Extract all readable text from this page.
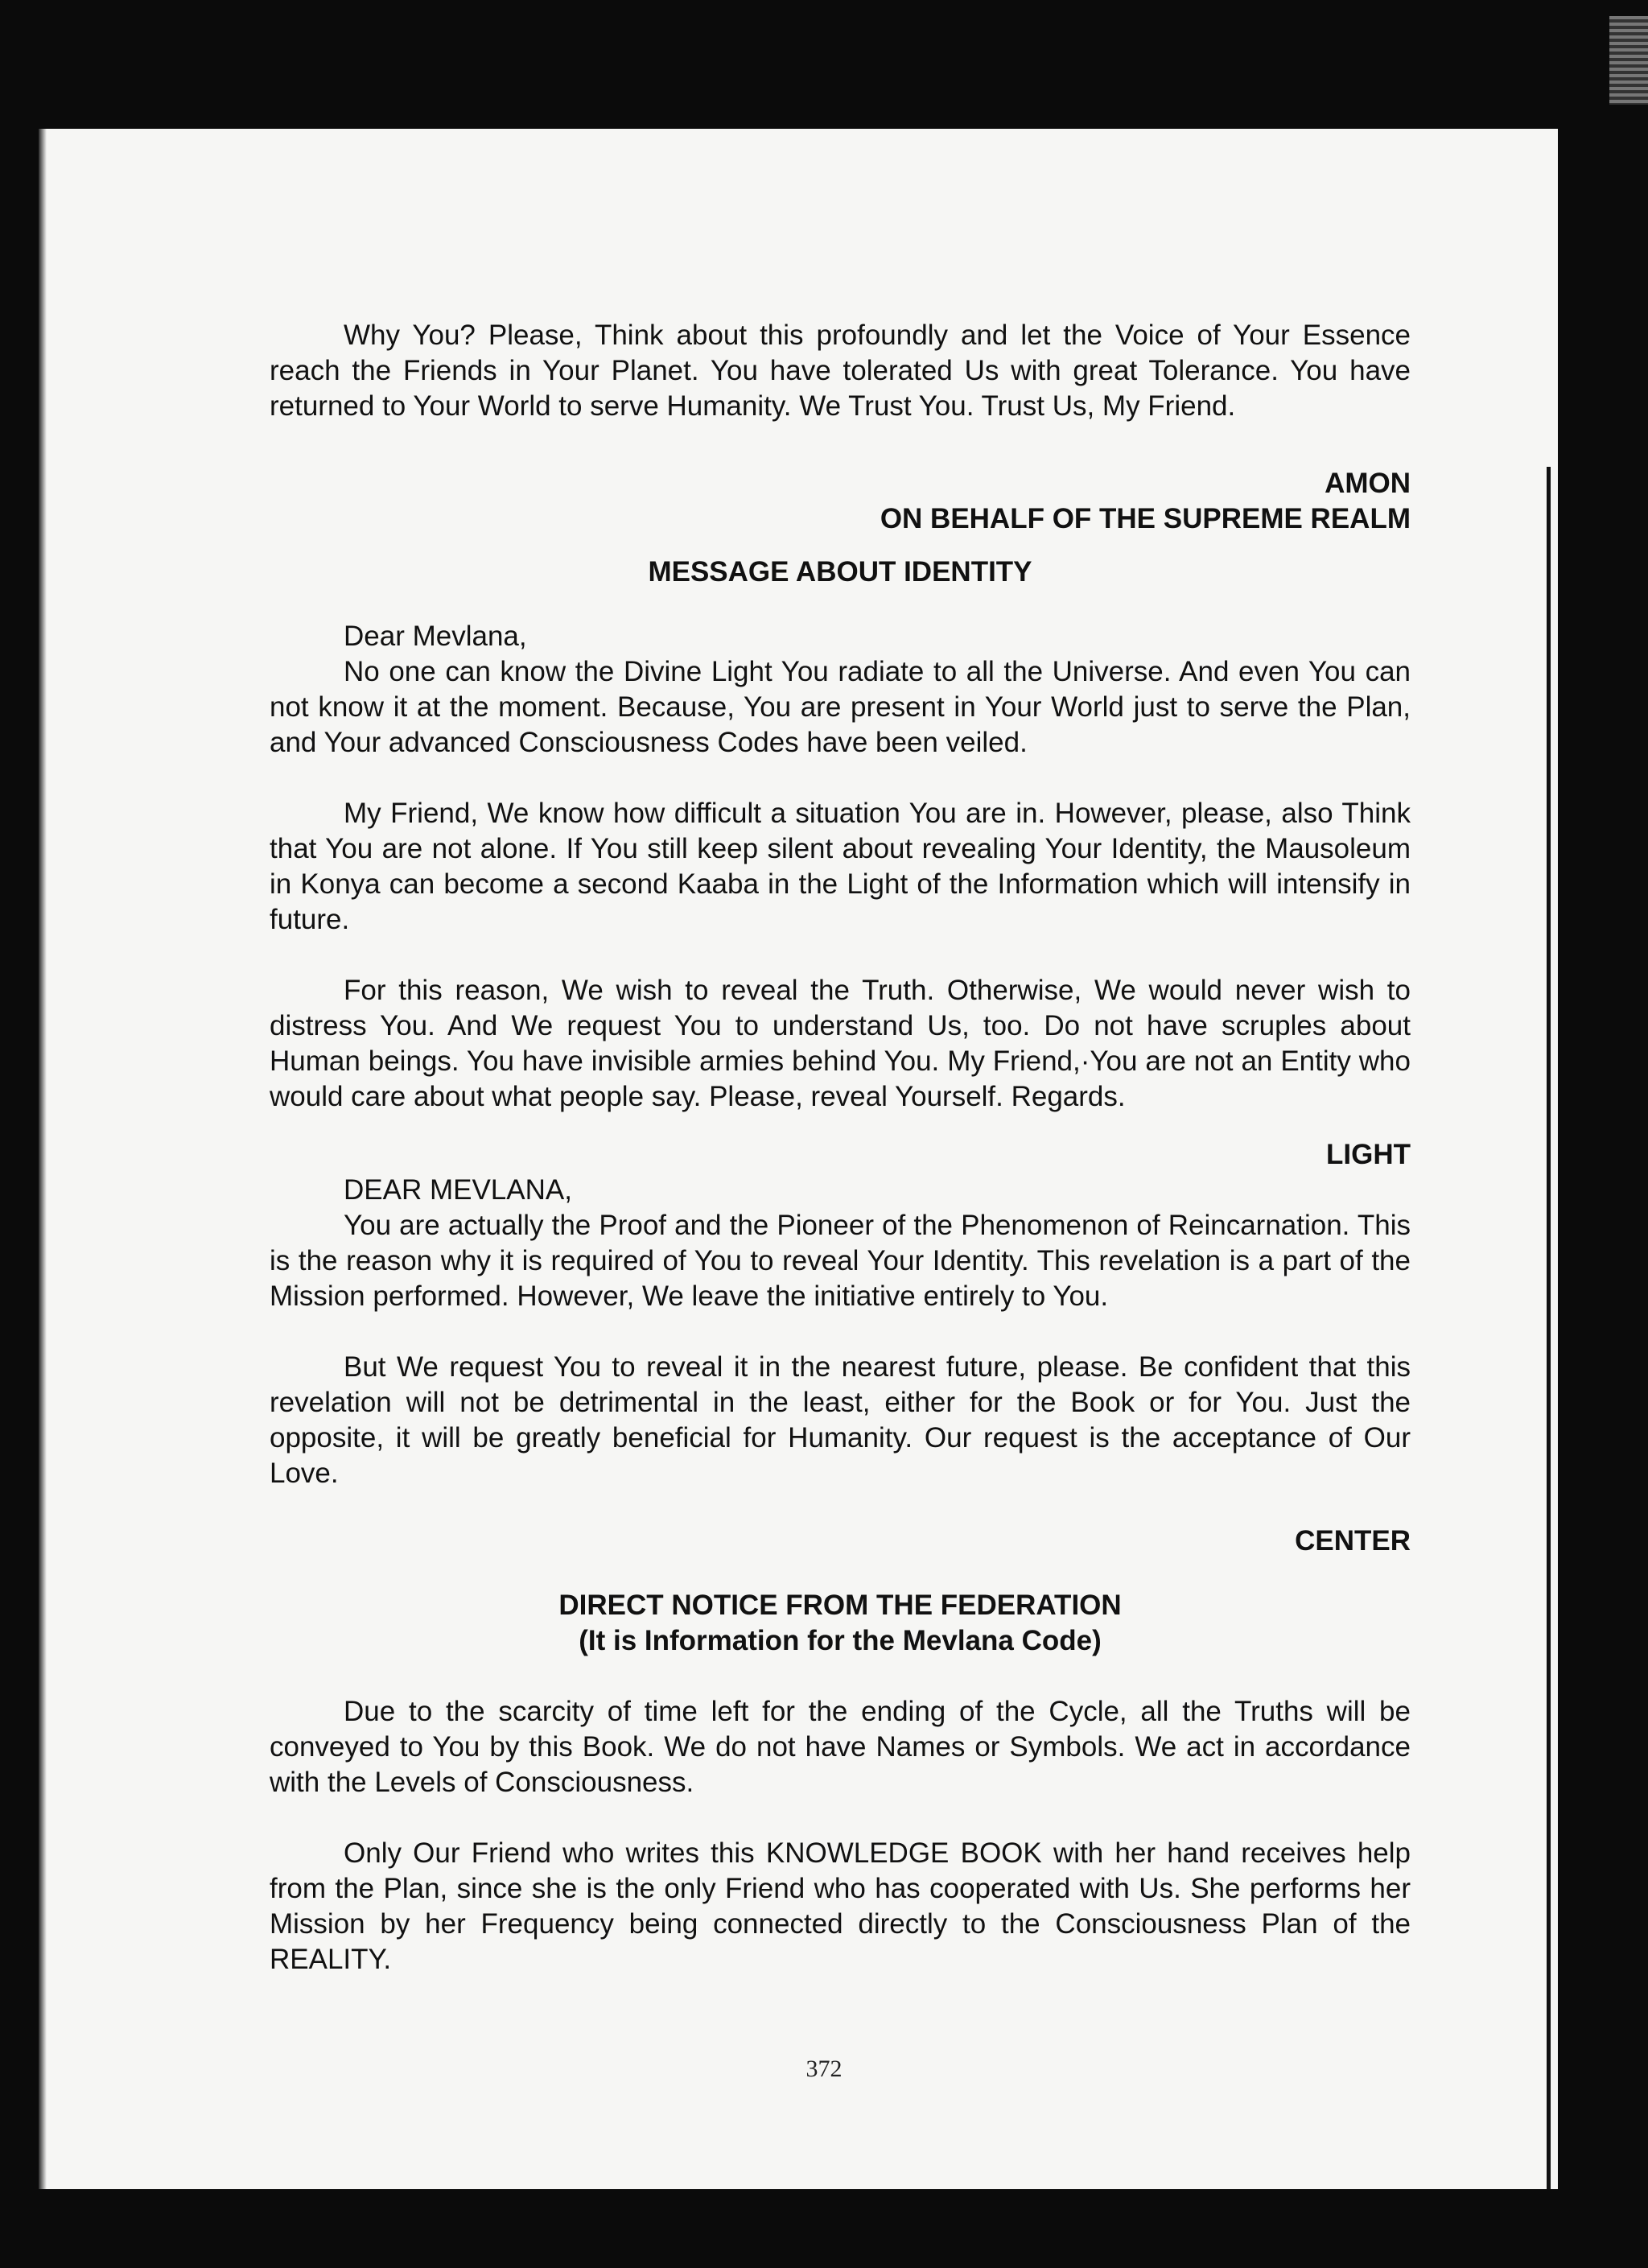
Why You? Please, Think about this profoundly and let the Voice of Your Essence reach the Friends in Your Planet. You have tolerated Us with great Tolerance. You have returned to Your World to serve Humanity. We Trust You. Trust Us, My Friend.

AMON

ON BEHALF OF THE SUPREME REALM

MESSAGE ABOUT IDENTITY

Dear Mevlana,

No one can know the Divine Light You radiate to all the Universe. And even You can not know it at the moment. Because, You are present in Your World just to serve the Plan, and Your advanced Consciousness Codes have been veiled.

My Friend, We know how difficult a situation You are in. However, please, also Think that You are not alone. If You still keep silent about revealing Your Identity, the Mausoleum in Konya can become a second Kaaba in the Light of the Information which will intensify in future.

For this reason, We wish to reveal the Truth. Otherwise, We would never wish to distress You. And We request You to understand Us, too. Do not have scruples about Human beings. You have invisible armies behind You. My Friend,·You are not an Entity who would care about what people say. Please, reveal Yourself. Regards.

LIGHT

DEAR MEVLANA,

You are actually the Proof and the Pioneer of the Phenomenon of Reincarnation. This is the reason why it is required of You to reveal Your Identity. This revelation is a part of the Mission performed. However, We leave the initiative entirely to You.

But We request You to reveal it in the nearest future, please. Be confident that this revelation will not be detrimental in the least, either for the Book or for You. Just the opposite, it will be greatly beneficial for Humanity. Our request is the acceptance of Our Love.

CENTER

DIRECT NOTICE FROM THE FEDERATION

(It is Information for the Mevlana Code)

Due to the scarcity of time left for the ending of the Cycle, all the Truths will be conveyed to You by this Book. We do not have Names or Symbols. We act in accordance with the Levels of Consciousness.

Only Our Friend who writes this KNOWLEDGE BOOK with her hand receives help from the Plan, since she is the only Friend who has cooperated with Us. She performs her Mission by her Frequency being connected directly to the Consciousness Plan of the REALITY.

372
